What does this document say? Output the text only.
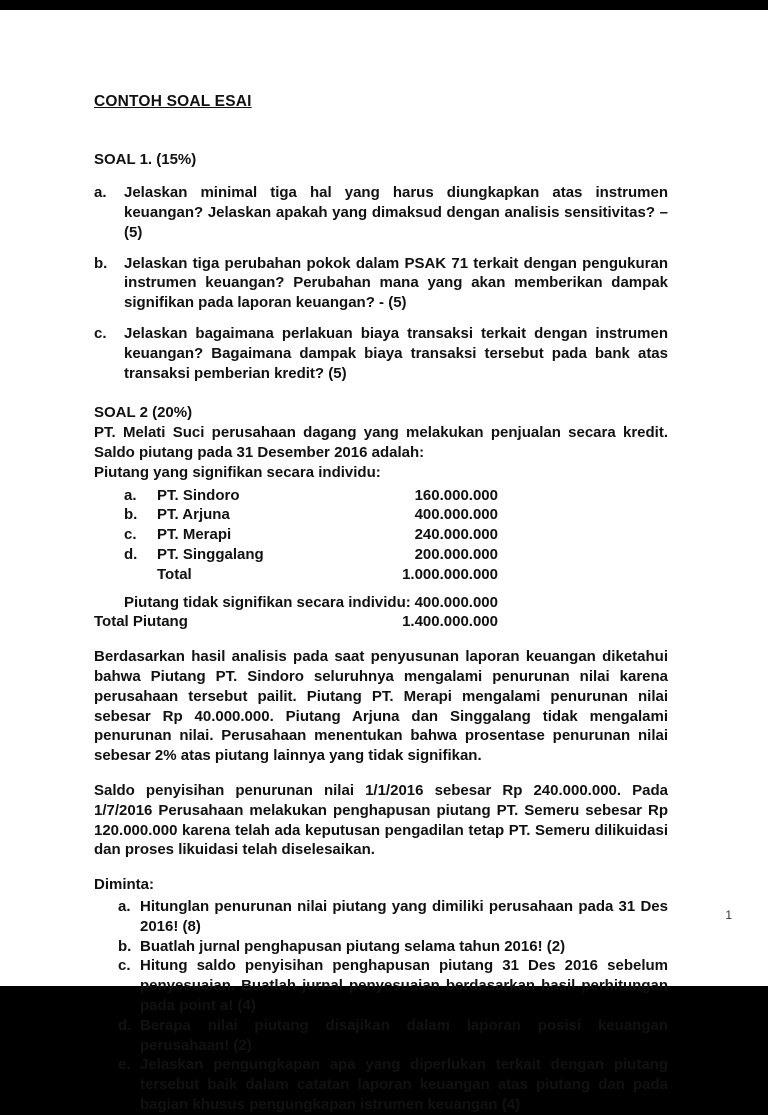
CONTOH SOAL ESAI
SOAL 1. (15%)
a.	Jelaskan minimal tiga hal yang harus diungkapkan atas instrumen keuangan? Jelaskan apakah yang dimaksud dengan analisis sensitivitas? – (5)
b.	Jelaskan tiga perubahan pokok dalam PSAK 71 terkait dengan pengukuran instrumen keuangan? Perubahan mana yang akan memberikan dampak signifikan pada laporan keuangan? - (5)
c.	Jelaskan bagaimana perlakuan biaya transaksi terkait dengan instrumen keuangan? Bagaimana dampak biaya transaksi tersebut pada bank atas transaksi pemberian kredit? (5)
SOAL 2 (20%)

PT. Melati Suci perusahaan dagang yang melakukan penjualan secara kredit. Saldo piutang pada 31 Desember 2016 adalah:

Piutang yang signifikan secara individu:

a.	PT. Sindoro	160.000.000
b.	PT. Arjuna	400.000.000
c.	PT. Merapi	240.000.000
d.	PT. Singgalang	200.000.000
Total	1.000.000.000
Piutang tidak signifikan secara individu: 400.000.000
Total Piutang	1.400.000.000

Berdasarkan hasil analisis pada saat penyusunan laporan keuangan diketahui bahwa Piutang PT. Sindoro seluruhnya mengalami penurunan nilai karena perusahaan tersebut pailit. Piutang PT. Merapi mengalami penurunan nilai sebesar Rp 40.000.000. Piutang Arjuna dan Singgalang tidak mengalami penurunan nilai. Perusahaan menentukan bahwa prosentase penurunan nilai sebesar 2% atas piutang lainnya yang tidak signifikan.

Saldo penyisihan penurunan nilai 1/1/2016 sebesar Rp 240.000.000. Pada 1/7/2016 Perusahaan melakukan penghapusan piutang PT. Semeru sebesar Rp 120.000.000 karena telah ada keputusan pengadilan tetap PT. Semeru dilikuidasi dan proses likuidasi telah diselesaikan.

Diminta:
a. Hitunglan penurunan nilai piutang yang dimiliki perusahaan pada 31 Des 2016! (8)
b. Buatlah jurnal penghapusan piutang selama tahun 2016! (2)
c. Hitung saldo penyisihan penghapusan piutang 31 Des 2016 sebelum penyesuaian. Buatlah jurnal penyesuaian berdasarkan hasil perhitungan pada point a! (4)
d. Berapa nilai piutang disajikan dalam laporan posisi keuangan perusahaan! (2)
e. Jelaskan pengungkapan apa yang diperlukan terkait dengan piutang tersebut baik dalam catatan laporan keuangan atas piutang dan pada bagian khusus pengungkapan istrumen keuangan (4)
1
